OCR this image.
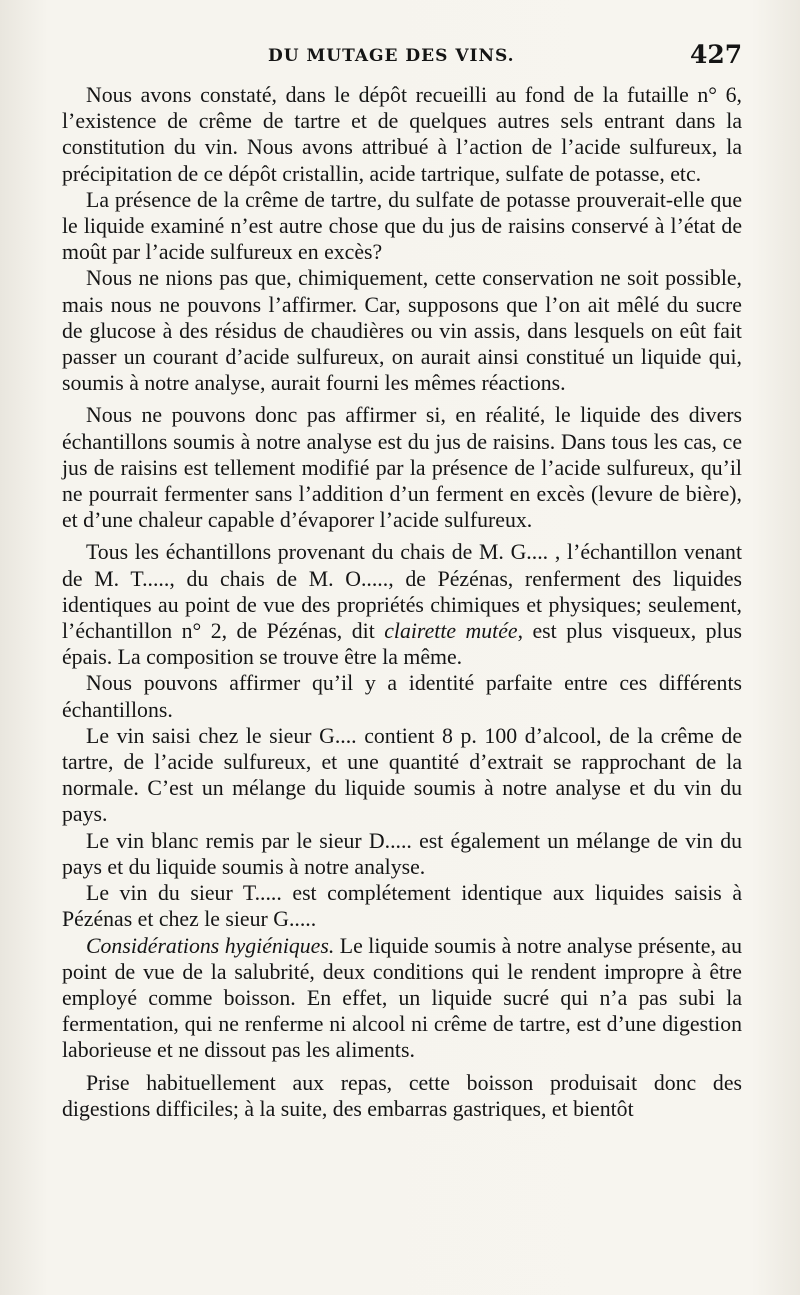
DU MUTAGE DES VINS.	427

Nous avons constaté, dans le dépôt recueilli au fond de la futaille n° 6, l’existence de crême de tartre et de quelques autres sels entrant dans la constitution du vin. Nous avons attribué à l’action de l’acide sulfureux, la précipitation de ce dépôt cristallin, acide tartrique, sulfate de potasse, etc.

La présence de la crême de tartre, du sulfate de potasse prouverait-elle que le liquide examiné n’est autre chose que du jus de raisins conservé à l’état de moût par l’acide sulfureux en excès?

Nous ne nions pas que, chimiquement, cette conservation ne soit possible, mais nous ne pouvons l’affirmer. Car, supposons que l’on ait mêlé du sucre de glucose à des résidus de chaudières ou vin assis, dans lesquels on eût fait passer un courant d’acide sulfureux, on aurait ainsi constitué un liquide qui, soumis à notre analyse, aurait fourni les mêmes réactions.

Nous ne pouvons donc pas affirmer si, en réalité, le liquide des divers échantillons soumis à notre analyse est du jus de raisins. Dans tous les cas, ce jus de raisins est tellement modifié par la présence de l’acide sulfureux, qu’il ne pourrait fermenter sans l’addition d’un ferment en excès (levure de bière), et d’une chaleur capable d’évaporer l’acide sulfureux.

Tous les échantillons provenant du chais de M. G.... , l’échantillon venant de M. T....., du chais de M. O....., de Pézénas, renferment des liquides identiques au point de vue des propriétés chimiques et physiques; seulement, l’échantillon n° 2, de Pézénas, dit clairette mutée, est plus visqueux, plus épais. La composition se trouve être la même.

Nous pouvons affirmer qu’il y a identité parfaite entre ces différents échantillons.

Le vin saisi chez le sieur G.... contient 8 p. 100 d’alcool, de la crême de tartre, de l’acide sulfureux, et une quantité d’extrait se rapprochant de la normale. C’est un mélange du liquide soumis à notre analyse et du vin du pays.

Le vin blanc remis par le sieur D..... est également un mélange de vin du pays et du liquide soumis à notre analyse.

Le vin du sieur T..... est complétement identique aux liquides saisis à Pézénas et chez le sieur G.....

Considérations hygiéniques. Le liquide soumis à notre analyse présente, au point de vue de la salubrité, deux conditions qui le rendent impropre à être employé comme boisson. En effet, un liquide sucré qui n’a pas subi la fermentation, qui ne renferme ni alcool ni crême de tartre, est d’une digestion laborieuse et ne dissout pas les aliments.

Prise habituellement aux repas, cette boisson produisait donc des digestions difficiles; à la suite, des embarras gastriques, et bientôt
